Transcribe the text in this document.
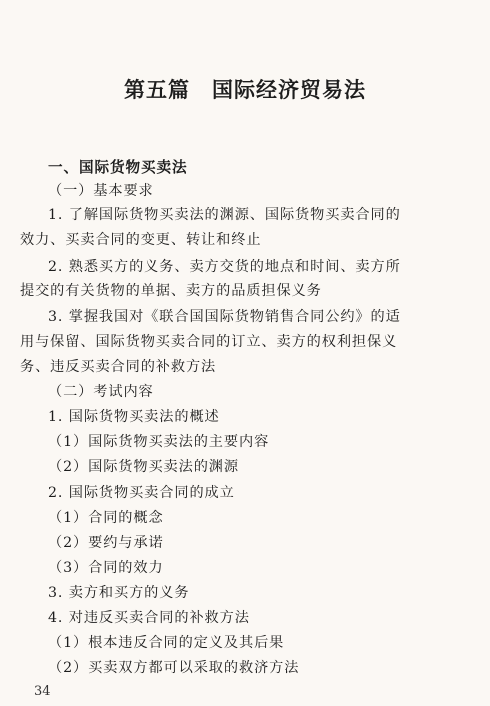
第五篇 国际经济贸易法
一、国际货物买卖法
（一）基本要求
1. 了解国际货物买卖法的渊源、国际货物买卖合同的
效力、买卖合同的变更、转让和终止
2. 熟悉买方的义务、卖方交货的地点和时间、卖方所
提交的有关货物的单据、卖方的品质担保义务
3. 掌握我国对《联合国国际货物销售合同公约》的适
用与保留、国际货物买卖合同的订立、卖方的权利担保义
务、违反买卖合同的补救方法
（二）考试内容
1. 国际货物买卖法的概述
（1）国际货物买卖法的主要内容
（2）国际货物买卖法的渊源
2. 国际货物买卖合同的成立
（1）合同的概念
（2）要约与承诺
（3）合同的效力
3. 卖方和买方的义务
4. 对违反买卖合同的补救方法
（1）根本违反合同的定义及其后果
（2）买卖双方都可以采取的救济方法
34
